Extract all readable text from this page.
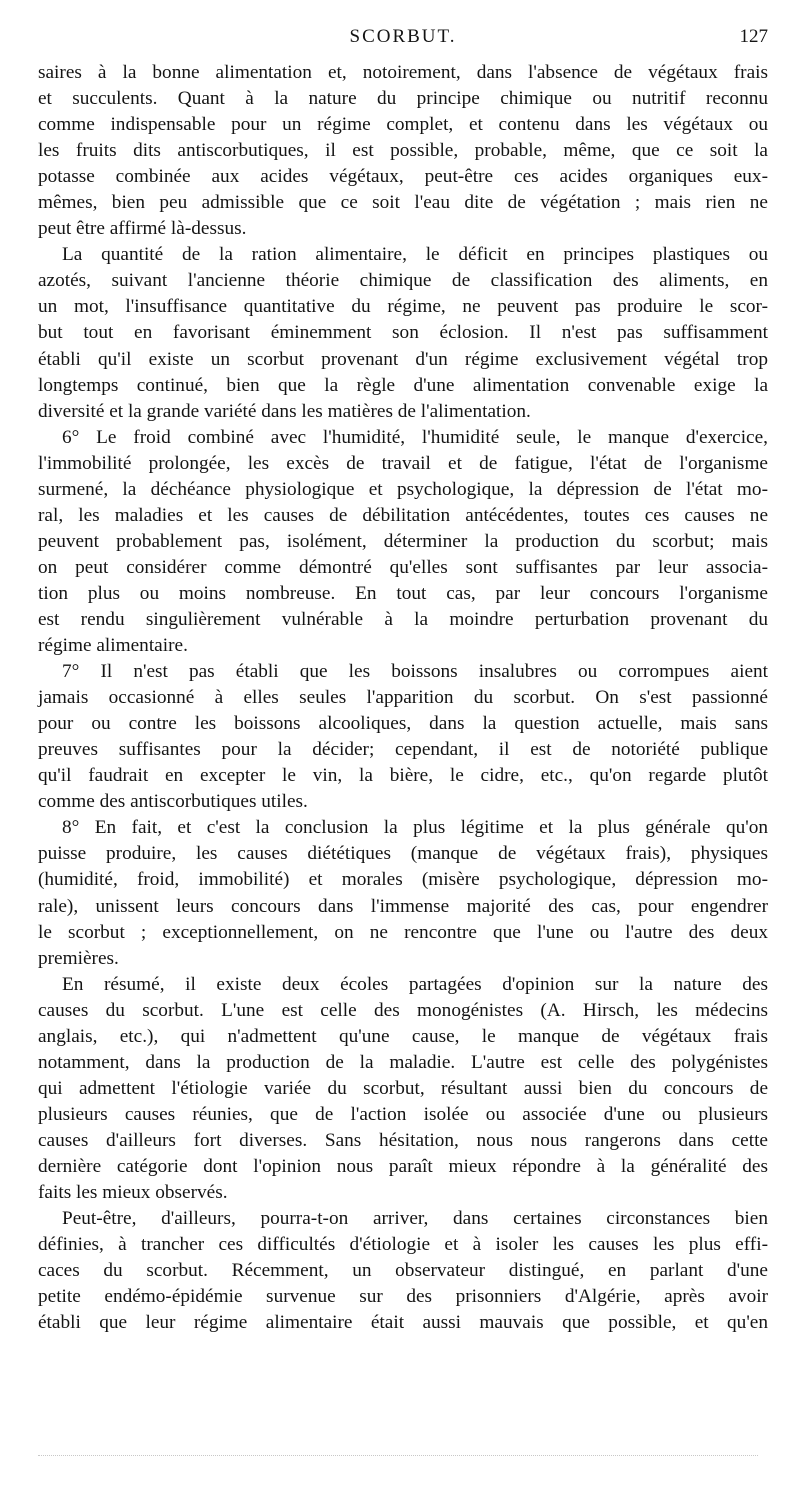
SCORBUT.	127
saires à la bonne alimentation et, notoirement, dans l'absence de végétaux frais
et succulents. Quant à la nature du principe chimique ou nutritif reconnu
comme indispensable pour un régime complet, et contenu dans les végétaux ou
les fruits dits antiscorbutiques, il est possible, probable, même, que ce soit la
potasse combinée aux acides végétaux, peut-être ces acides organiques eux-
mêmes, bien peu admissible que ce soit l'eau dite de végétation ; mais rien ne
peut être affirmé là-dessus.
La quantité de la ration alimentaire, le déficit en principes plastiques ou
azotés, suivant l'ancienne théorie chimique de classification des aliments, en
un mot, l'insuffisance quantitative du régime, ne peuvent pas produire le scor-
but tout en favorisant éminemment son éclosion. Il n'est pas suffisamment
établi qu'il existe un scorbut provenant d'un régime exclusivement végétal trop
longtemps continué, bien que la règle d'une alimentation convenable exige la
diversité et la grande variété dans les matières de l'alimentation.
6° Le froid combiné avec l'humidité, l'humidité seule, le manque d'exercice,
l'immobilité prolongée, les excès de travail et de fatigue, l'état de l'organisme
surmené, la déchéance physiologique et psychologique, la dépression de l'état mo-
ral, les maladies et les causes de débilitation antécédentes, toutes ces causes ne
peuvent probablement pas, isolément, déterminer la production du scorbut; mais
on peut considérer comme démontré qu'elles sont suffisantes par leur associa-
tion plus ou moins nombreuse. En tout cas, par leur concours l'organisme
est rendu singulièrement vulnérable à la moindre perturbation provenant du
régime alimentaire.
7° Il n'est pas établi que les boissons insalubres ou corrompues aient
jamais occasionné à elles seules l'apparition du scorbut. On s'est passionné
pour ou contre les boissons alcooliques, dans la question actuelle, mais sans
preuves suffisantes pour la décider; cependant, il est de notoriété publique
qu'il faudrait en excepter le vin, la bière, le cidre, etc., qu'on regarde plutôt
comme des antiscorbutiques utiles.
8° En fait, et c'est la conclusion la plus légitime et la plus générale qu'on
puisse produire, les causes diététiques (manque de végétaux frais), physiques
(humidité, froid, immobilité) et morales (misère psychologique, dépression mo-
rale), unissent leurs concours dans l'immense majorité des cas, pour engendrer
le scorbut ; exceptionnellement, on ne rencontre que l'une ou l'autre des deux
premières.
En résumé, il existe deux écoles partagées d'opinion sur la nature des
causes du scorbut. L'une est celle des monogénistes (A. Hirsch, les médecins
anglais, etc.), qui n'admettent qu'une cause, le manque de végétaux frais
notamment, dans la production de la maladie. L'autre est celle des polygénistes
qui admettent l'étiologie variée du scorbut, résultant aussi bien du concours de
plusieurs causes réunies, que de l'action isolée ou associée d'une ou plusieurs
causes d'ailleurs fort diverses. Sans hésitation, nous nous rangerons dans cette
dernière catégorie dont l'opinion nous paraît mieux répondre à la généralité des
faits les mieux observés.
Peut-être, d'ailleurs, pourra-t-on arriver, dans certaines circonstances bien
définies, à trancher ces difficultés d'étiologie et à isoler les causes les plus effi-
caces du scorbut. Récemment, un observateur distingué, en parlant d'une
petite endémo-épidémie survenue sur des prisonniers d'Algérie, après avoir
établi que leur régime alimentaire était aussi mauvais que possible, et qu'en
